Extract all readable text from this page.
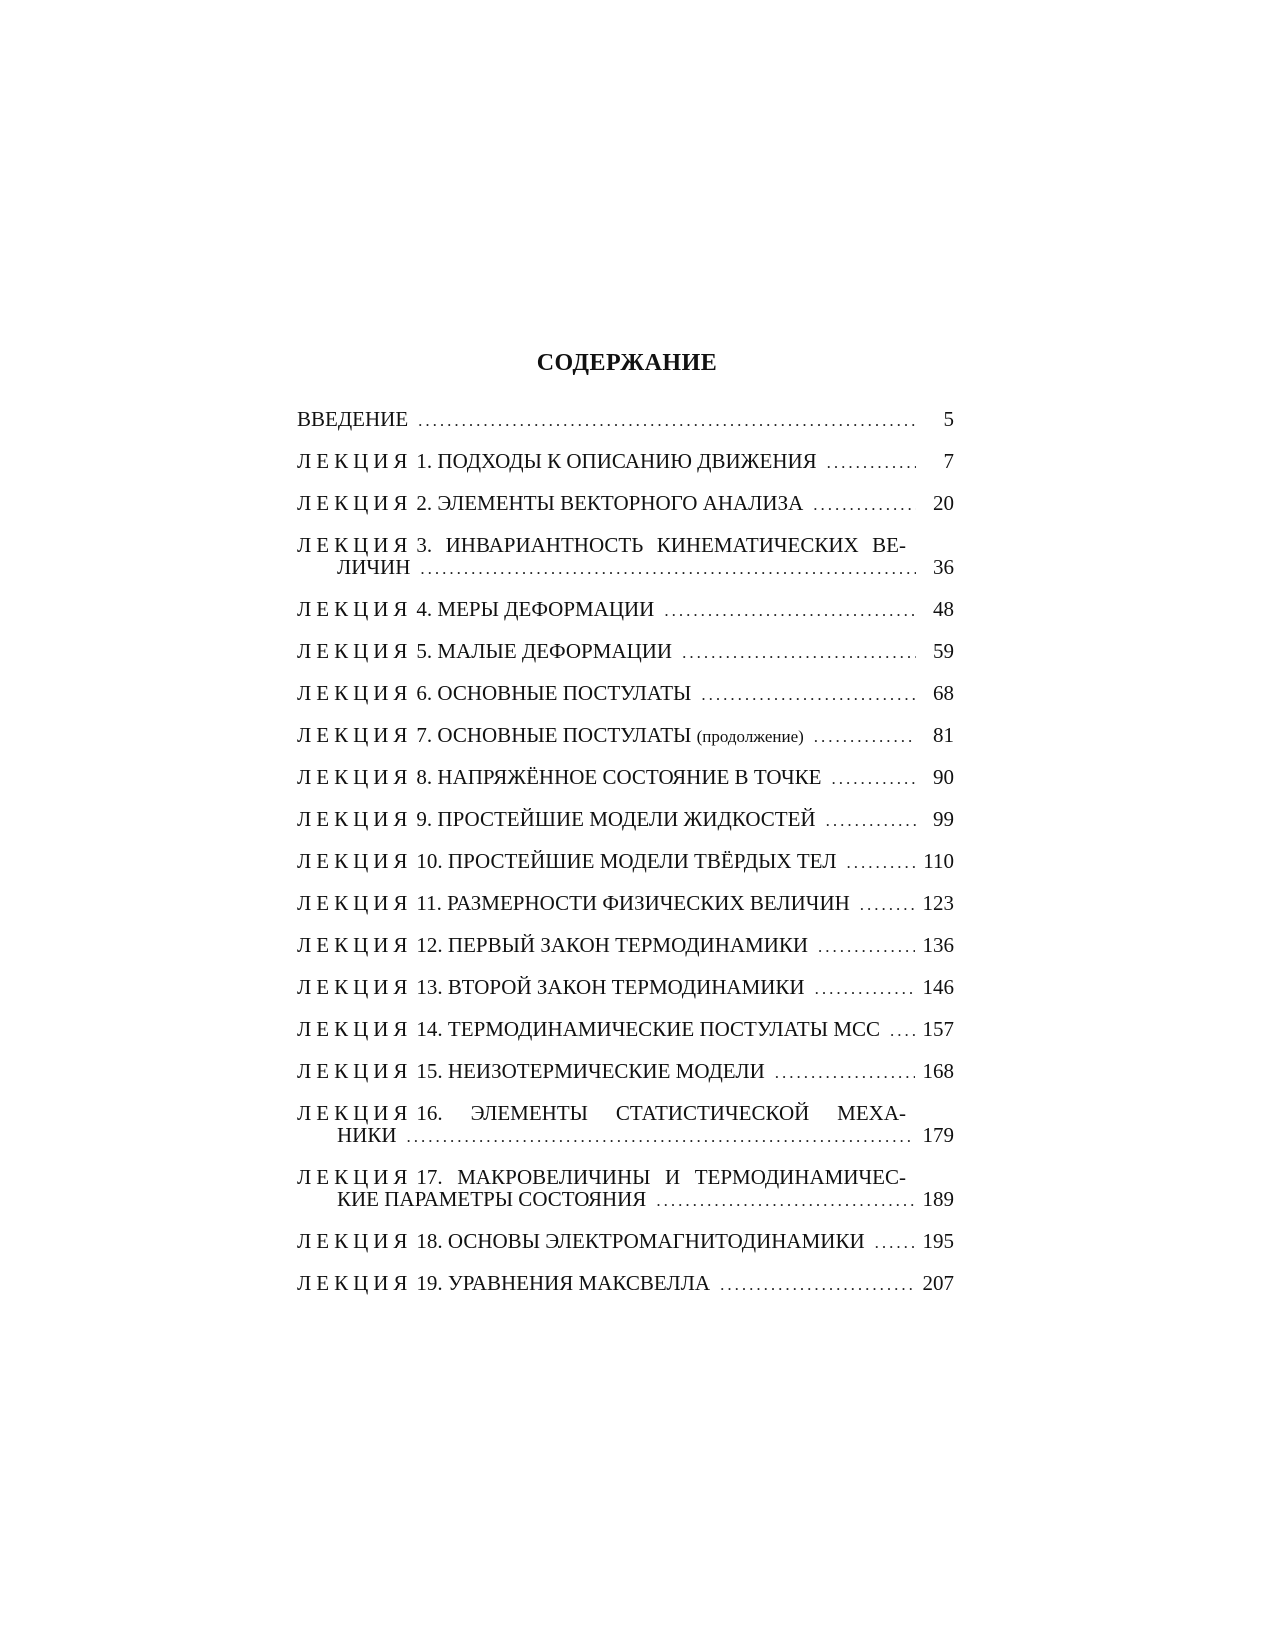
СОДЕРЖАНИЕ
ВВЕДЕНИЕ .....	5
ЛЕКЦИЯ 1.
ПОДХОДЫ К ОПИСАНИЮ ДВИЖЕНИЯ .....	7
ЛЕКЦИЯ 2.
ЭЛЕМЕНТЫ ВЕКТОРНОГО АНАЛИЗА .....	20
ЛЕКЦИЯ 3. ИНВАРИАНТНОСТЬ КИНЕМАТИЧЕСКИХ ВЕ-
ЛИЧИН .....	36
ЛЕКЦИЯ 4.
МЕРЫ ДЕФОРМАЦИИ .....	48
ЛЕКЦИЯ 5.
МАЛЫЕ ДЕФОРМАЦИИ .....	59
ЛЕКЦИЯ 6.
ОСНОВНЫЕ ПОСТУЛАТЫ .....	68
ЛЕКЦИЯ 7.
ОСНОВНЫЕ ПОСТУЛАТЫ
(продолжение) .....	81
ЛЕКЦИЯ 8.
НАПРЯЖЁННОЕ СОСТОЯНИЕ В ТОЧКЕ .....	90
ЛЕКЦИЯ 9.
ПРОСТЕЙШИЕ МОДЕЛИ ЖИДКОСТЕЙ .....	99
ЛЕКЦИЯ 10.
ПРОСТЕЙШИЕ МОДЕЛИ ТВЁРДЫХ ТЕЛ .....	110
ЛЕКЦИЯ 11.
РАЗМЕРНОСТИ ФИЗИЧЕСКИХ ВЕЛИЧИН .....	123
ЛЕКЦИЯ 12.
ПЕРВЫЙ ЗАКОН ТЕРМОДИНАМИКИ .....	136
ЛЕКЦИЯ 13.
ВТОРОЙ ЗАКОН ТЕРМОДИНАМИКИ .....	146
ЛЕКЦИЯ 14.
ТЕРМОДИНАМИЧЕСКИЕ ПОСТУЛАТЫ МСС ..... 157
ЛЕКЦИЯ 15.
НЕИЗОТЕРМИЧЕСКИЕ МОДЕЛИ .....	168
ЛЕКЦИЯ 16. ЭЛЕМЕНТЫ СТАТИСТИЧЕСКОЙ МЕХА-
НИКИ .....	179
ЛЕКЦИЯ 17. МАКРОВЕЛИЧИНЫ И ТЕРМОДИНАМИЧЕС-
КИЕ ПАРАМЕТРЫ СОСТОЯНИЯ .....	189
ЛЕКЦИЯ 18.
ОСНОВЫ ЭЛЕКТРОМАГНИТОДИНАМИКИ .....	195
ЛЕКЦИЯ 19.
УРАВНЕНИЯ МАКСВЕЛЛА .....	207
